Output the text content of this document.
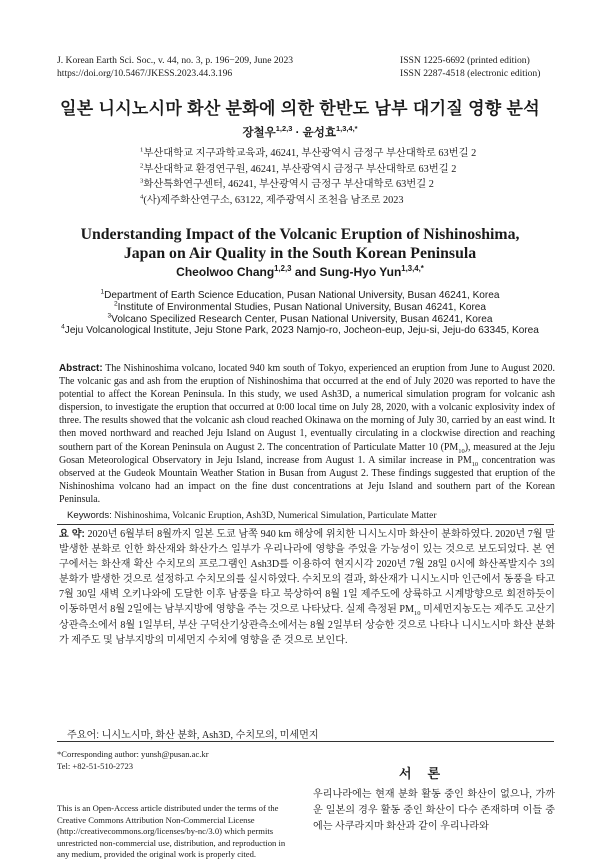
J. Korean Earth Sci. Soc., v. 44, no. 3, p. 196−209, June 2023
https://doi.org/10.5467/JKESS.2023.44.3.196
ISSN 1225-6692 (printed edition)
ISSN 2287-4518 (electronic edition)
일본 니시노시마 화산 분화에 의한 한반도 남부 대기질 영향 분석
장철우$^{1,2,3}$ · 윤성효$^{1,3,4,*}$
$^1$부산대학교 지구과학교육과, 46241, 부산광역시 금정구 부산대학로 63번길 2
$^2$부산대학교 환경연구원, 46241, 부산광역시 금정구 부산대학로 63번길 2
$^3$화산특화연구센터, 46241, 부산광역시 금정구 부산대학로 63번길 2
$^4$(사)제주화산연구소, 63122, 제주광역시 조천읍 남조로 2023
Understanding Impact of the Volcanic Eruption of Nishinoshima,
Japan on Air Quality in the South Korean Peninsula
Cheolwoo Chang$^{1,2,3}$ and Sung-Hyo Yun$^{1,3,4,*}$
$^1$Department of Earth Science Education, Pusan National University, Busan 46241, Korea
$^2$Institute of Environmental Studies, Pusan National University, Busan 46241, Korea
$^3$Volcano Specilized Research Center, Pusan National University, Busan 46241, Korea
$^4$Jeju Volcanological Institute, Jeju Stone Park, 2023 Namjo-ro, Jocheon-eup, Jeju-si, Jeju-do 63345, Korea
Abstract: The Nishinoshima volcano, located 940 km south of Tokyo, experienced an eruption from June to August 2020. The volcanic gas and ash from the eruption of Nishinoshima that occurred at the end of July 2020 was reported to have the potential to affect the Korean Peninsula. In this study, we used Ash3D, a numerical simulation program for volcanic ash dispersion, to investigate the eruption that occurred at 0:00 local time on July 28, 2020, with a volcanic explosivity index of three. The results showed that the volcanic ash cloud reached Okinawa on the morning of July 30, carried by an east wind. It then moved northward and reached Jeju Island on August 1, eventually circulating in a clockwise direction and reaching southern part of the Korean Peninsula on August 2. The concentration of Particulate Matter 10 $(PM_{10})$, measured at the Jeju Gosan Meteorological Observatory in Jeju Island, increase from August 1. A similar increase in $PM_{10}$ concentration was observed at the Gudeok Mountain Weather Station in Busan from August 2. These findings suggested that eruption of the Nishinoshima volcano had an impact on the fine dust concentrations at Jeju Island and southern part of the Korean Peninsula.
Keywords: Nishinoshima, Volcanic Eruption, Ash3D, Numerical Simulation, Particulate Matter
요 약: 2020년 6월부터 8월까지 일본 도쿄 남쪽 940 km 해상에 위치한 니시노시마 화산이 분화하였다. 2020년 7월 말 발생한 분화로 인한 화산재와 화산가스 일부가 우리나라에 영향을 주었을 가능성이 있는 것으로 보도되었다. 본 연구에서는 화산재 확산 수치모의 프로그램인 Ash3D를 이용하여 현지시각 2020년 7월 28일 0시에 화산폭발지수 3의 분화가 발생한 것으로 설정하고 수치모의를 실시하였다. 수치모의 결과, 화산재가 니시노시마 인근에서 동풍을 타고 7월 30일 새벽 오키나와에 도달한 이후 남풍을 타고 북상하여 8월 1일 제주도에 상륙하고 시계방향으로 회전하듯이 이동하면서 8월 2일에는 남부지방에 영향을 주는 것으로 나타났다. 실제 측정된 $PM_{10}$ 미세먼지농도는 제주도 고산기상관측소에서 8월 1일부터, 부산 구덕산기상관측소에서는 8월 2일부터 상승한 것으로 나타나 니시노시마 화산 분화가 제주도 및 남부지방의 미세먼지 수치에 영향을 준 것으로 보인다.
주요어: 니시노시마, 화산 분화, Ash3D, 수치모의, 미세먼지
*Corresponding author: yunsh@pusan.ac.kr
Tel: +82-51-510-2723
This is an Open-Access article distributed under the terms of the Creative Commons Attribution Non-Commercial License (http://creativecommons.org/licenses/by-nc/3.0) which permits unrestricted non-commercial use, distribution, and reproduction in any medium, provided the original work is properly cited.
서론
우리나라에는 현재 분화 활동 중인 화산이 없으나, 가까운 일본의 경우 활동 중인 화산이 다수 존재하며 이들 중에는 사쿠라지마 화산과 같이 우리나라와
